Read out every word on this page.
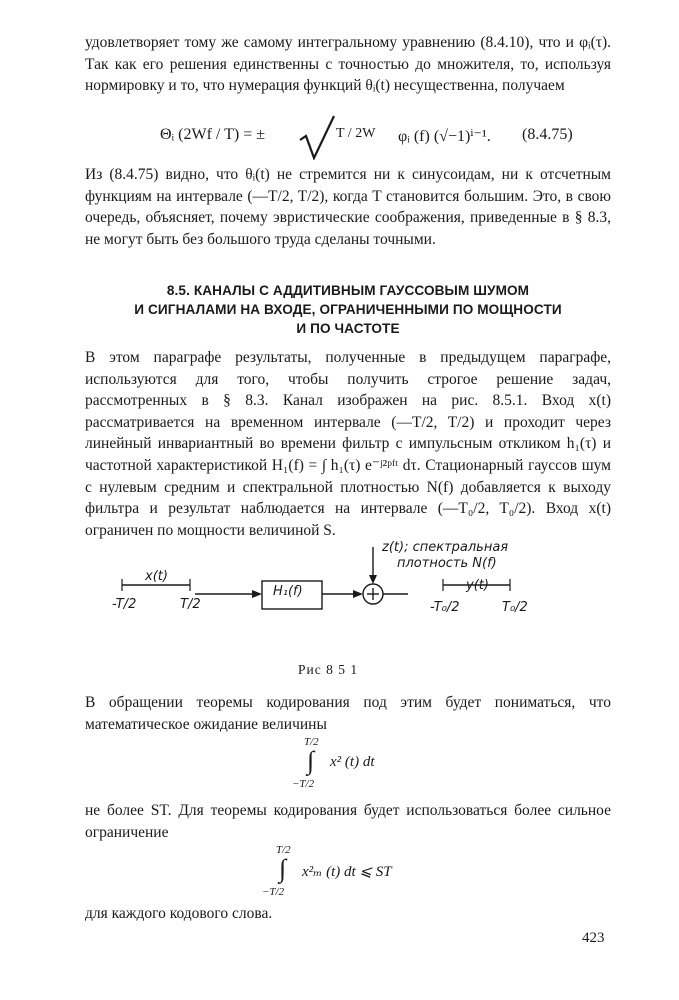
удовлетворяет тому же самому интегральному уравнению (8.4.10), что и φᵢ(τ). Так как его решения единственны с точностью до множителя, то, используя нормировку и то, что нумерация функций θᵢ(t) несущественна, получаем

Θᵢ (2Wf / T) = ±	T / 2W φᵢ (f) (√−1)ⁱ⁻¹. (8.4.75)

Из (8.4.75) видно, что θᵢ(t) не стремится ни к синусоидам, ни к отсчетным функциям на интервале (—T/2, T/2), когда T становится большим. Это, в свою очередь, объясняет, почему эвристические соображения, приведенные в § 8.3, не могут быть без большого труда сделаны точными.

8.5. КАНАЛЫ С АДДИТИВНЫМ ГАУССОВЫМ ШУМОМ
И СИГНАЛАМИ НА ВХОДЕ, ОГРАНИЧЕННЫМИ ПО МОЩНОСТИ
И ПО ЧАСТОТЕ

В этом параграфе результаты, полученные в предыдущем параграфе, используются для того, чтобы получить строгое решение задач, рассмотренных в § 8.3. Канал изображен на рис. 8.5.1. Вход x(t) рассматривается на временном интервале (—T/2, T/2) и проходит через линейный инвариантный во времени фильтр с импульсным откликом h₁(τ) и частотной характеристикой H₁(f) = ∫ h₁(τ) e⁻ʲ²ᵖᶠᵗ dτ. Стационарный гауссов шум с нулевым средним и спектральной плотностью N(f) добавляется к выходу фильтра и результат наблюдается на интервале (—T₀/2, T₀/2). Вход x(t) ограничен по мощности величиной S.

x(t)
-T/2	T/2
H₁(f)
z(t); спектральная
плотность N(f)
y(t)
-T₀/2	T₀/2
Рис 8 5 1

В обращении теоремы кодирования под этим будет пониматься, что математическое ожидание величины

T/2
∫
−T/2
x² (t) dt

не более ST. Для теоремы кодирования будет использоваться более сильное ограничение

T/2
∫
−T/2
x²ₘ (t) dt ⩽ ST

для каждого кодового слова.

423
